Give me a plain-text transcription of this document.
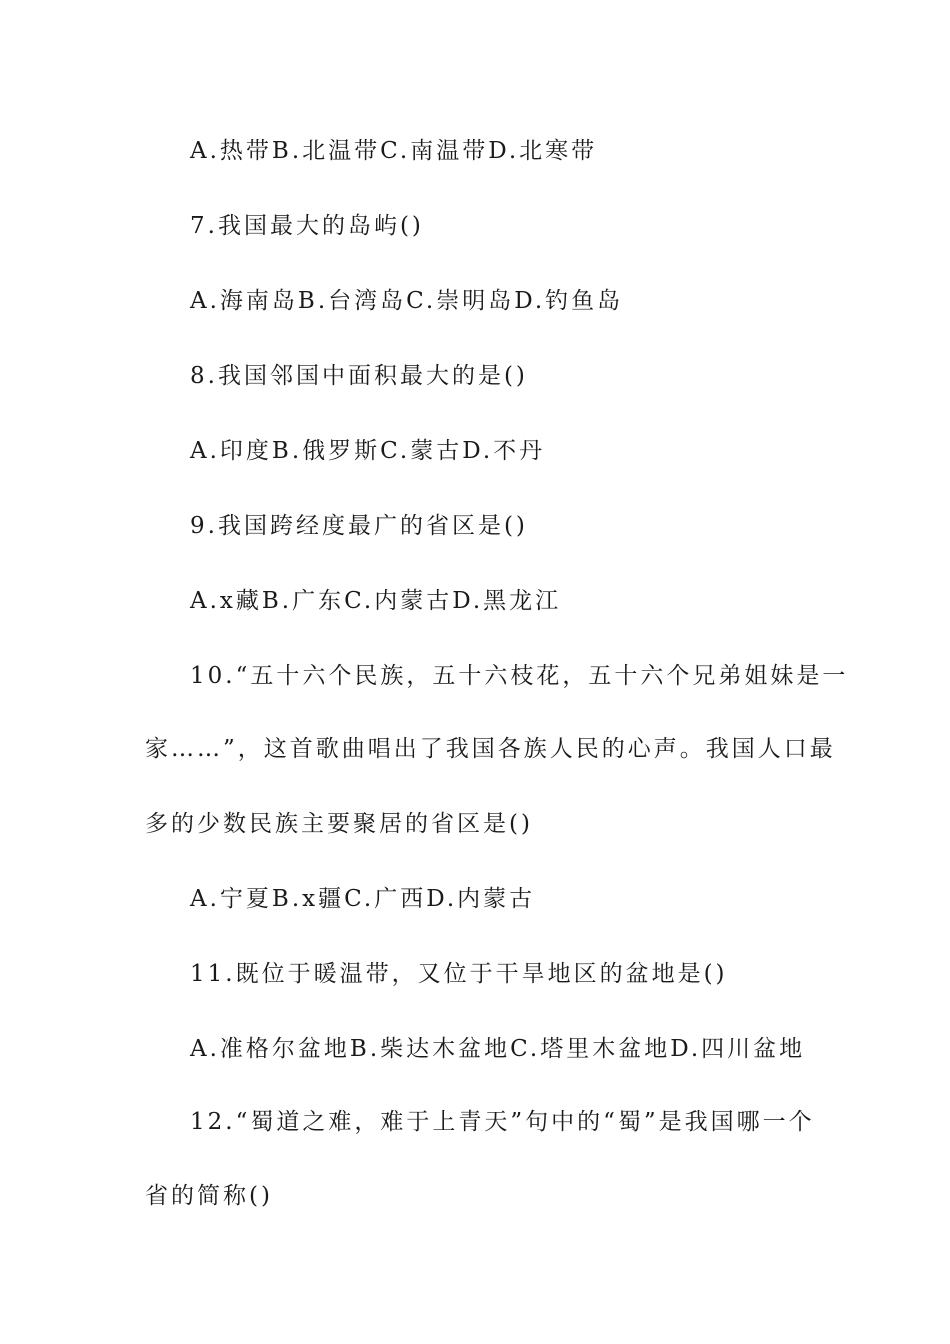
A.热带B.北温带C.南温带D.北寒带
7.我国最大的岛屿()
A.海南岛B.台湾岛C.崇明岛D.钓鱼岛
8.我国邻国中面积最大的是()
A.印度B.俄罗斯C.蒙古D.不丹
9.我国跨经度最广的省区是()
A.x藏B.广东C.内蒙古D.黑龙江
10.“五十六个民族，五十六枝花，五十六个兄弟姐妹是一
家……”，这首歌曲唱出了我国各族人民的心声。我国人口最
多的少数民族主要聚居的省区是()
A.宁夏B.x疆C.广西D.内蒙古
11.既位于暖温带，又位于干旱地区的盆地是()
A.准格尔盆地B.柴达木盆地C.塔里木盆地D.四川盆地
12.“蜀道之难，难于上青天”句中的“蜀”是我国哪一个
省的简称()
